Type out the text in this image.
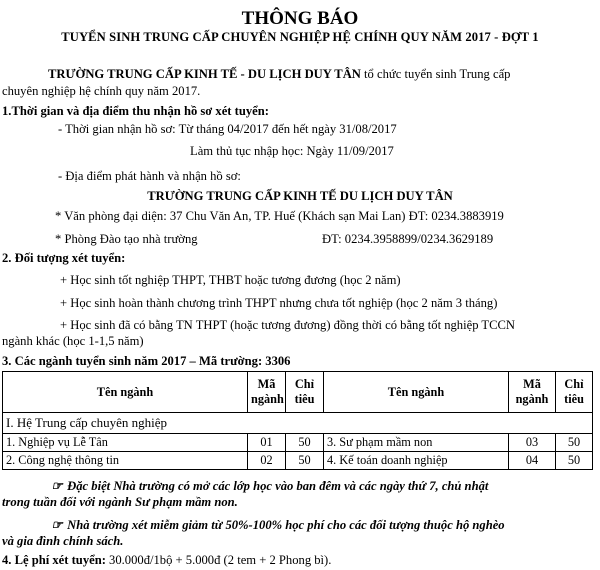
THÔNG BÁO
TUYỂN SINH TRUNG CẤP CHUYÊN NGHIỆP HỆ CHÍNH QUY NĂM 2017 - ĐỢT 1
TRƯỜNG TRUNG CẤP KINH TẾ - DU LỊCH DUY TÂN tổ chức tuyển sinh Trung cấp
chuyên nghiệp hệ chính quy năm 2017.
1.Thời gian và địa điểm thu nhận hồ sơ xét tuyển:
- Thời gian nhận hồ sơ: Từ tháng 04/2017 đến hết ngày 31/08/2017
Làm thủ tục nhập học: Ngày 11/09/2017
- Địa điểm phát hành và nhận hồ sơ:
TRƯỜNG TRUNG CẤP KINH TẾ DU LỊCH DUY TÂN
* Văn phòng đại diện: 37 Chu Văn An, TP. Huế (Khách sạn Mai Lan) ĐT: 0234.3883919
* Phòng Đào tạo nhà trường	ĐT: 0234.3958899/0234.3629189
2. Đối tượng xét tuyển:
+ Học sinh tốt nghiệp THPT, THBT hoặc tương đương (học 2 năm)
+ Học sinh hoàn thành chương trình THPT nhưng chưa tốt nghiệp (học 2 năm 3 tháng)
+ Học sinh đã có bằng TN THPT (hoặc tương đương) đồng thời có bằng tốt nghiệp TCCN
ngành khác (học 1-1,5 năm)
3. Các ngành tuyển sinh năm 2017 – Mã trường: 3306
Tên ngành	Mã ngành	Chỉ tiêu	Tên ngành	Mã ngành	Chỉ tiêu
I. Hệ Trung cấp chuyên nghiệp					
1. Nghiệp vụ Lễ Tân	01	50	3. Sư phạm mầm non	03	50
2. Công nghệ thông tin	02	50	4. Kế toán doanh nghiệp	04	50
☞ Đặc biệt Nhà trường có mở các lớp học vào ban đêm và các ngày thứ 7, chủ nhật
trong tuần đối với ngành Sư phạm mầm non.
☞ Nhà trường xét miễm giảm từ 50%-100% học phí cho các đối tượng thuộc hộ nghèo
và gia đình chính sách.
4. Lệ phí xét tuyển: 30.000đ/1bộ + 5.000đ (2 tem + 2 Phong bì).
